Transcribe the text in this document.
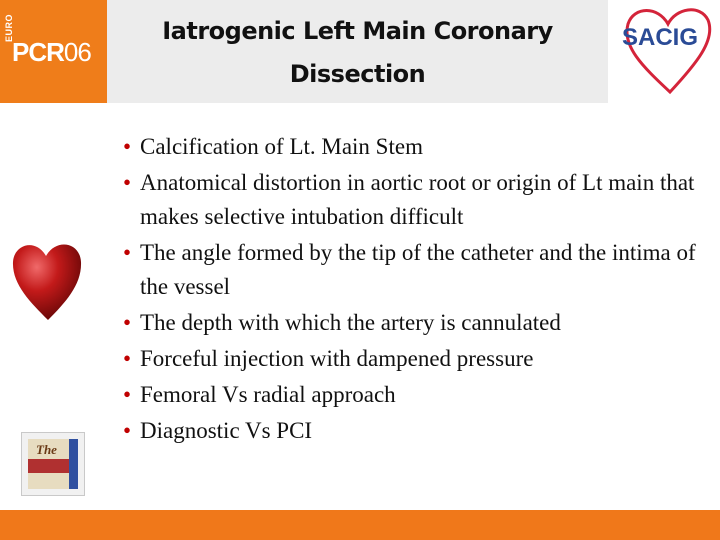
EURO
PCR06
Iatrogenic Left Main Coronary
Dissection
SACIG
• Calcification of Lt. Main Stem
• Anatomical distortion in aortic root or origin of Lt main that makes selective intubation difficult
• The angle formed by the tip of the catheter and the intima of the vessel
• The depth with which the artery is cannulated
• Forceful injection with dampened pressure
• Femoral Vs radial approach
• Diagnostic Vs PCI
The
